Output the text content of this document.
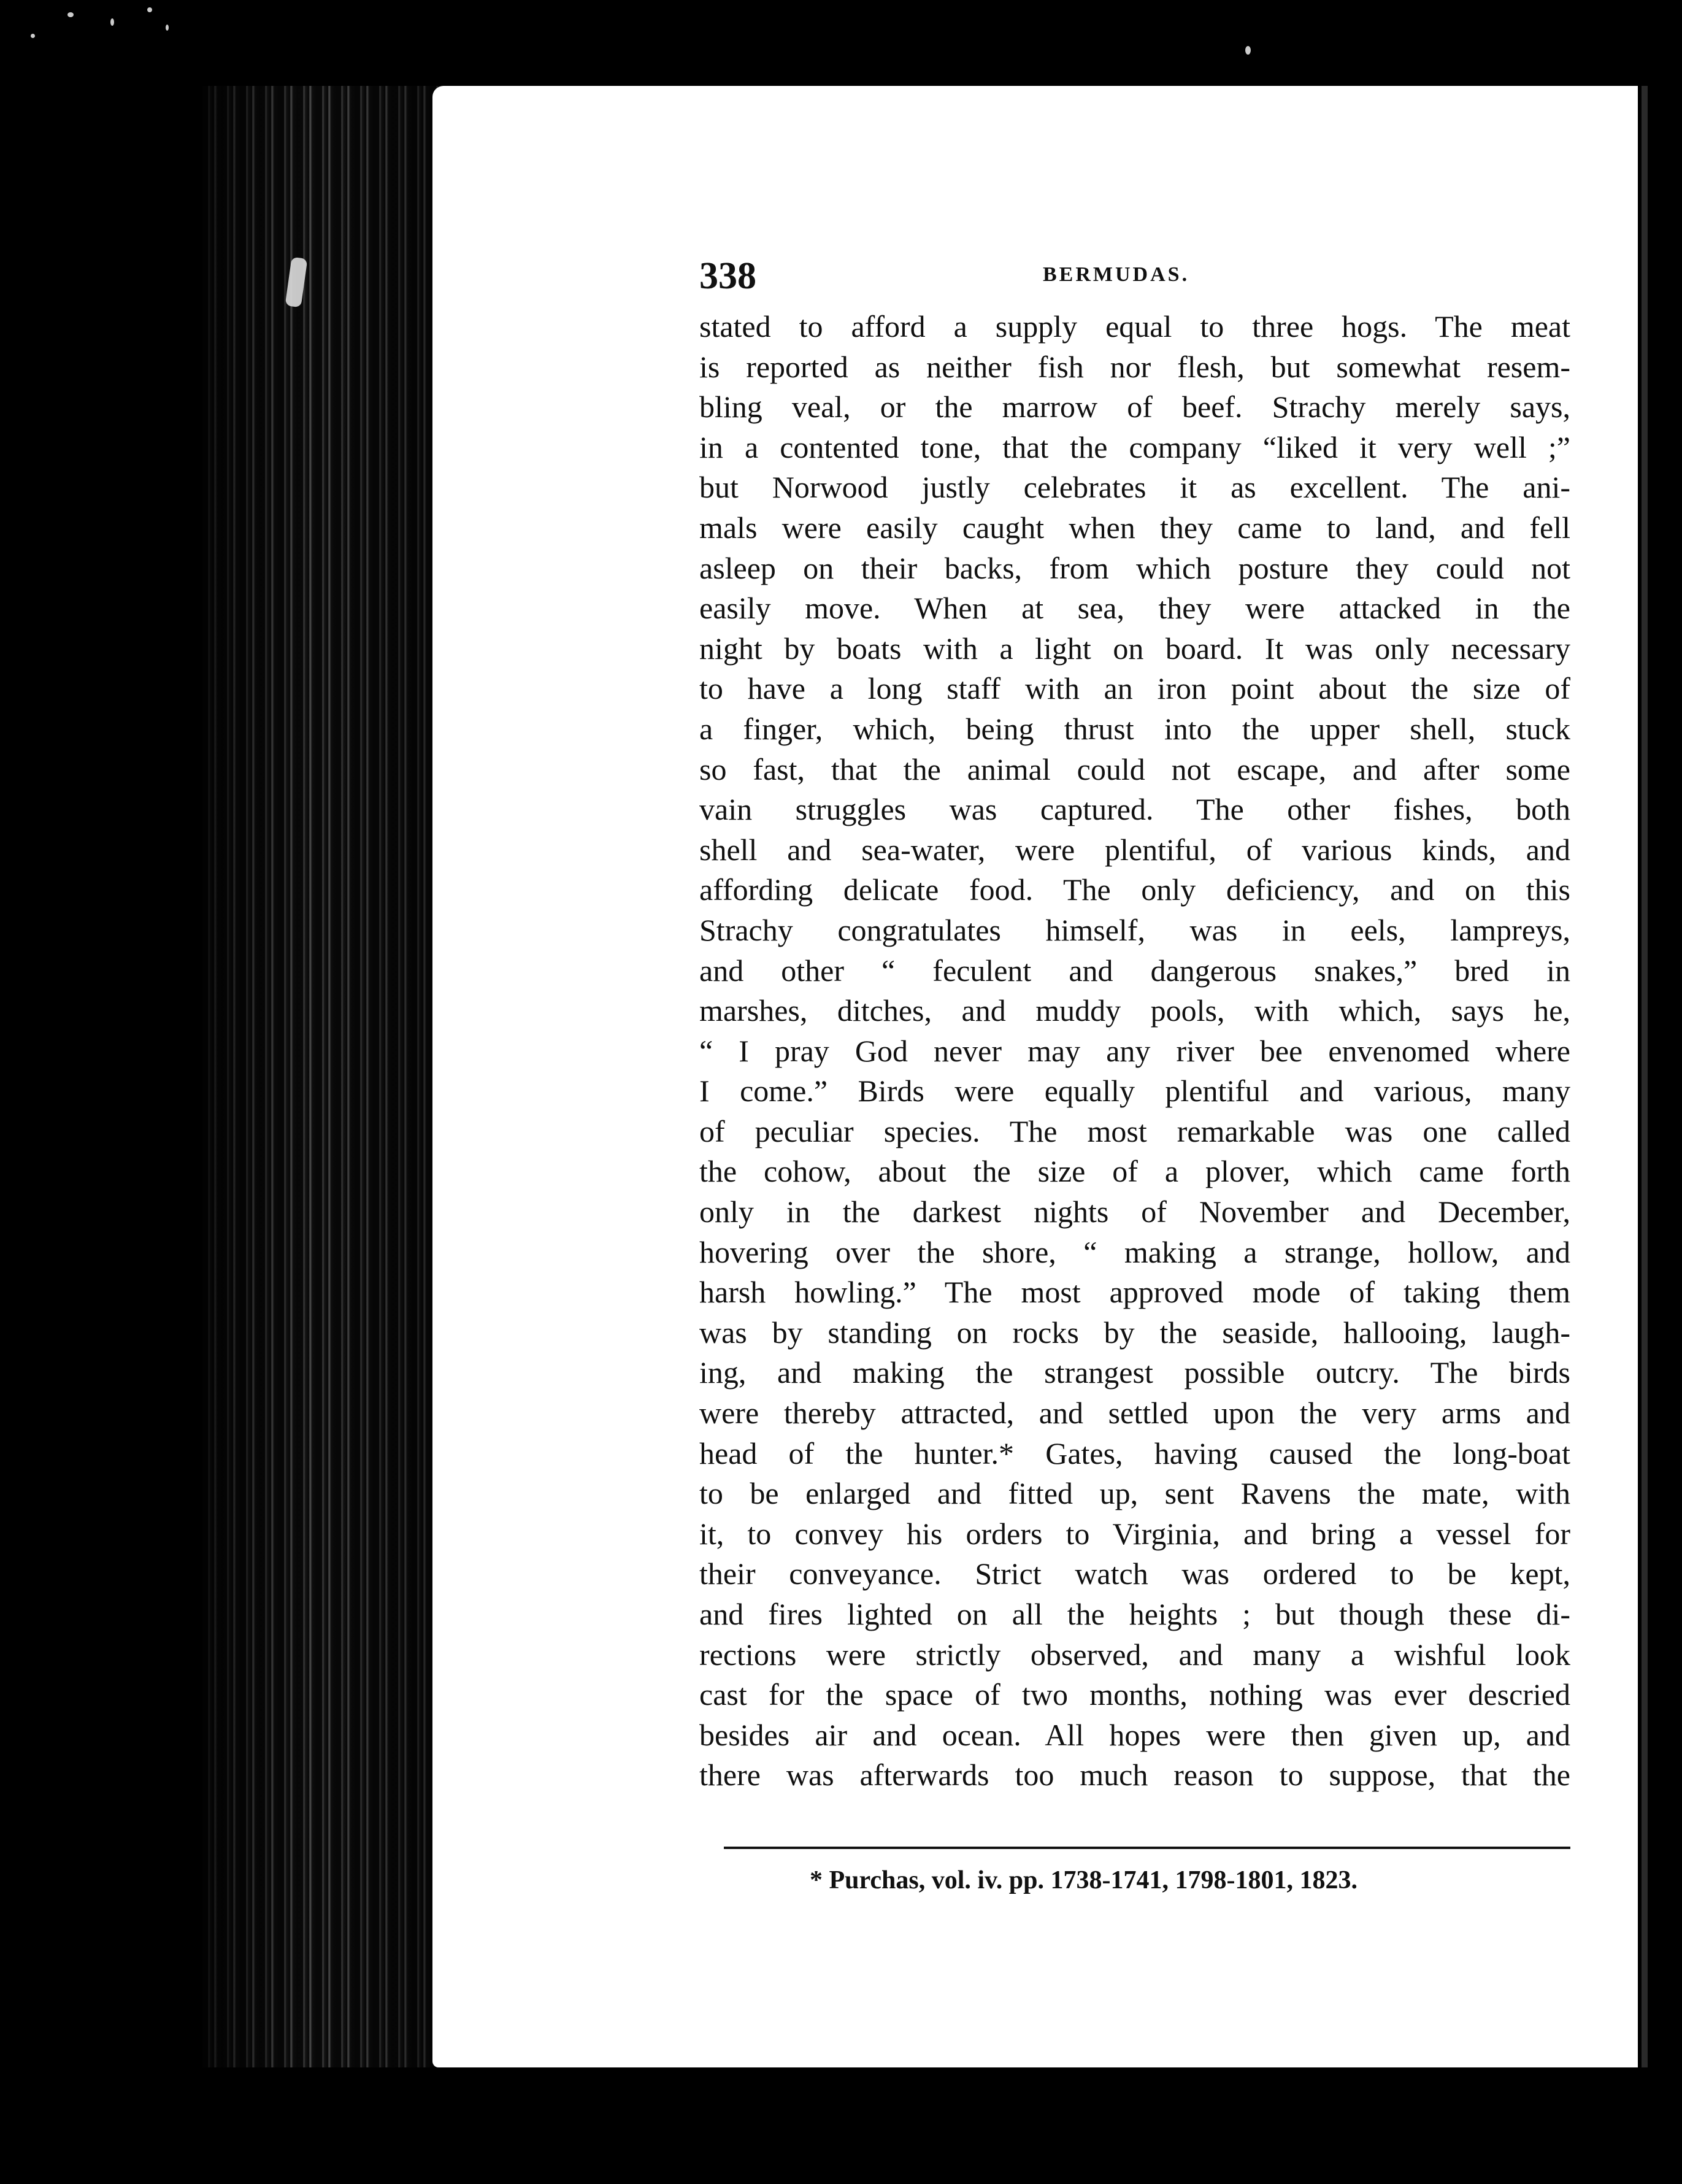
338	BERMUDAS.
stated to afford a supply equal to three hogs. The meat
is reported as neither fish nor flesh, but somewhat resem-
bling veal, or the marrow of beef. Strachy merely says,
in a contented tone, that the company “liked it very well ;”
but Norwood justly celebrates it as excellent. The ani-
mals were easily caught when they came to land, and fell
asleep on their backs, from which posture they could not
easily move. When at sea, they were attacked in the
night by boats with a light on board. It was only necessary
to have a long staff with an iron point about the size of
a finger, which, being thrust into the upper shell, stuck
so fast, that the animal could not escape, and after some
vain struggles was captured. The other fishes, both
shell and sea-water, were plentiful, of various kinds, and
affording delicate food. The only deficiency, and on this
Strachy congratulates himself, was in eels, lampreys,
and other “ feculent and dangerous snakes,” bred in
marshes, ditches, and muddy pools, with which, says he,
“ I pray God never may any river bee envenomed where
I come.” Birds were equally plentiful and various, many
of peculiar species. The most remarkable was one called
the cohow, about the size of a plover, which came forth
only in the darkest nights of November and December,
hovering over the shore, “ making a strange, hollow, and
harsh howling.” The most approved mode of taking them
was by standing on rocks by the seaside, hallooing, laugh-
ing, and making the strangest possible outcry. The birds
were thereby attracted, and settled upon the very arms and
head of the hunter.* Gates, having caused the long-boat
to be enlarged and fitted up, sent Ravens the mate, with
it, to convey his orders to Virginia, and bring a vessel for
their conveyance. Strict watch was ordered to be kept,
and fires lighted on all the heights ; but though these di-
rections were strictly observed, and many a wishful look
cast for the space of two months, nothing was ever descried
besides air and ocean. All hopes were then given up, and
there was afterwards too much reason to suppose, that the
* Purchas, vol. iv. pp. 1738-1741, 1798-1801, 1823.
